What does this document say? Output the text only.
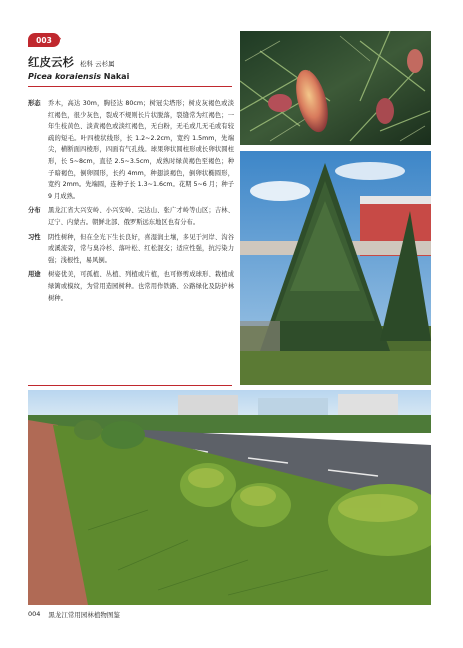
003 ›››
红皮云杉 松科 云杉属
Picea koraiensis Nakai
形态	乔木，高达 30m，胸径达 80cm；树冠尖塔形；树皮灰褐色或淡红褐色，很少灰色，裂成不规则长片状脱落，裂缝常为红褐色；一年生枝黄色、淡黄褐色或淡红褐色，无白粉，无毛或几无毛或有较疏的短毛。叶四棱状线形，长 1.2~2.2cm，宽约 1.5mm，先端尖，横断面四棱形，四面有气孔线。球果卵状圆柱形或长卵状圆柱形，长 5~8cm，直径 2.5~3.5cm，成熟时绿黄褐色至褐色；种子暗褐色，倒卵圆形，长约 4mm，种翅淡褐色，倒卵状椭圆形，宽约 2mm。先端圆，连种子长 1.3~1.6cm。花期 5~6 月；种子 9 月成熟。
分布	黑龙江省大兴安岭、小兴安岭、完达山、张广才岭等山区；吉林、辽宁、内蒙古。朝鲜北部、俄罗斯远东地区也有分布。
习性	阴性树种，但在全光下生长良好，喜湿润土壤，多见于河岸、沟谷或溪流旁，常与臭冷杉、落叶松、红松混交；适应性强，抗污染力强；浅根性，易风倒。
用途	树姿优美，可孤植、丛植、列植或片植，也可修剪成球形、栽植成绿篱或模纹，为常用造园树种。也常用作铁路、公路绿化及防护林树种。
004 黑龙江常用园林植物图鉴
